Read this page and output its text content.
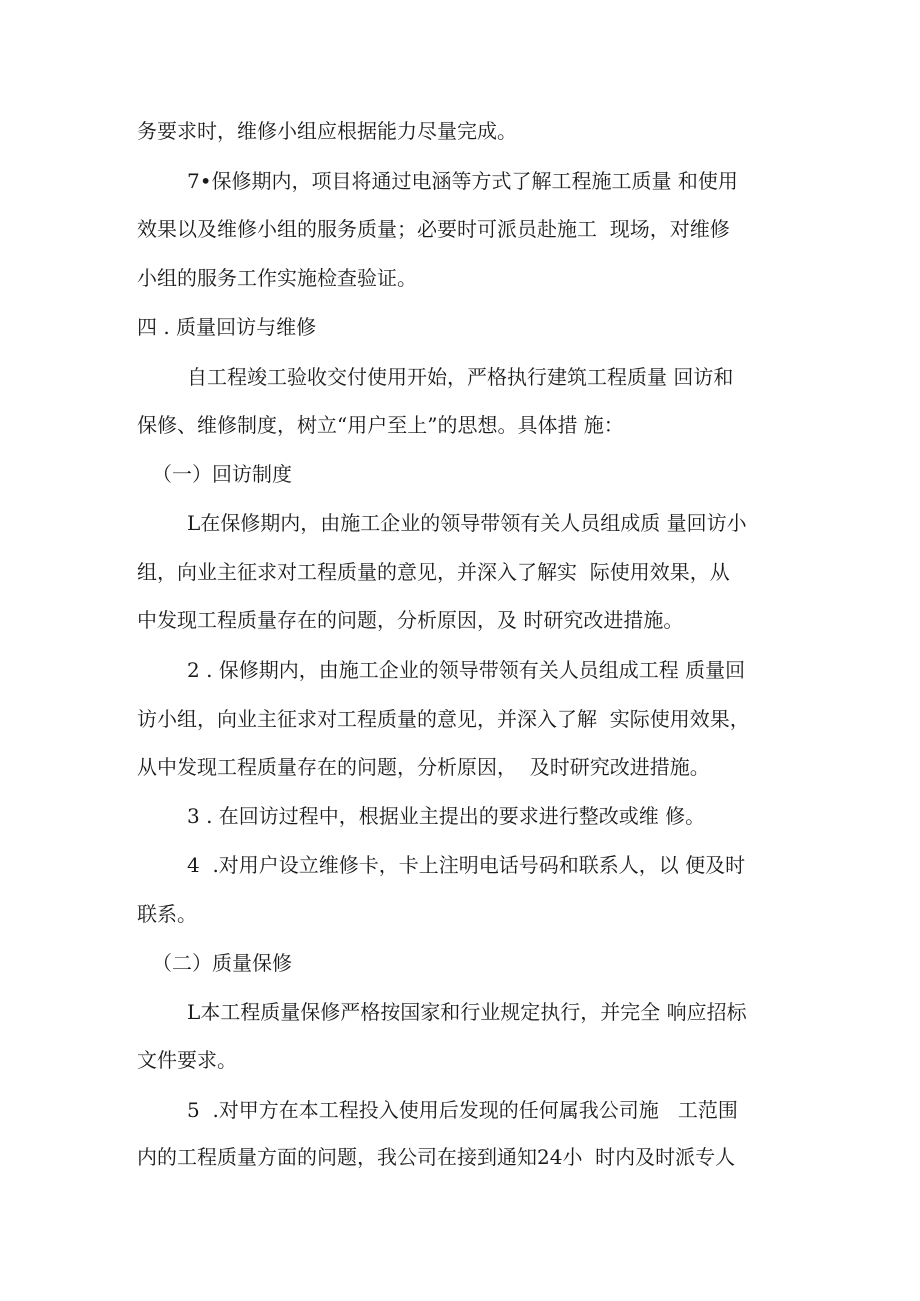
务要求时，维修小组应根据能力尽量完成。
7•保修期内，项目将通过电涵等方式了解工程施工质量 和使用
效果以及维修小组的服务质量；必要时可派员赴施工  现场，对维修
小组的服务工作实施检查验证。
四 . 质量回访与维修
自工程竣工验收交付使用开始，严格执行建筑工程质量 回访和
保修、维修制度，树立“用户至上”的思想。具体措 施：
（一）回访制度
L在保修期内，由施工企业的领导带领有关人员组成质 量回访小
组，向业主征求对工程质量的意见，并深入了解实  际使用效果，从
中发现工程质量存在的问题，分析原因，及 时研究改进措施。
2 . 保修期内，由施工企业的领导带领有关人员组成工程 质量回
访小组，向业主征求对工程质量的意见，并深入了解  实际使用效果，
从中发现工程质量存在的问题，分析原因，  及时研究改进措施。
3 . 在回访过程中，根据业主提出的要求进行整改或维 修。
4  .对用户设立维修卡，卡上注明电话号码和联系人，以 便及时
联系。
（二）质量保修
L本工程质量保修严格按国家和行业规定执行，并完全 响应招标
文件要求。
5  .对甲方在本工程投入使用后发现的任何属我公司施   工范围
内的工程质量方面的问题，我公司在接到通知24小  时内及时派专人
